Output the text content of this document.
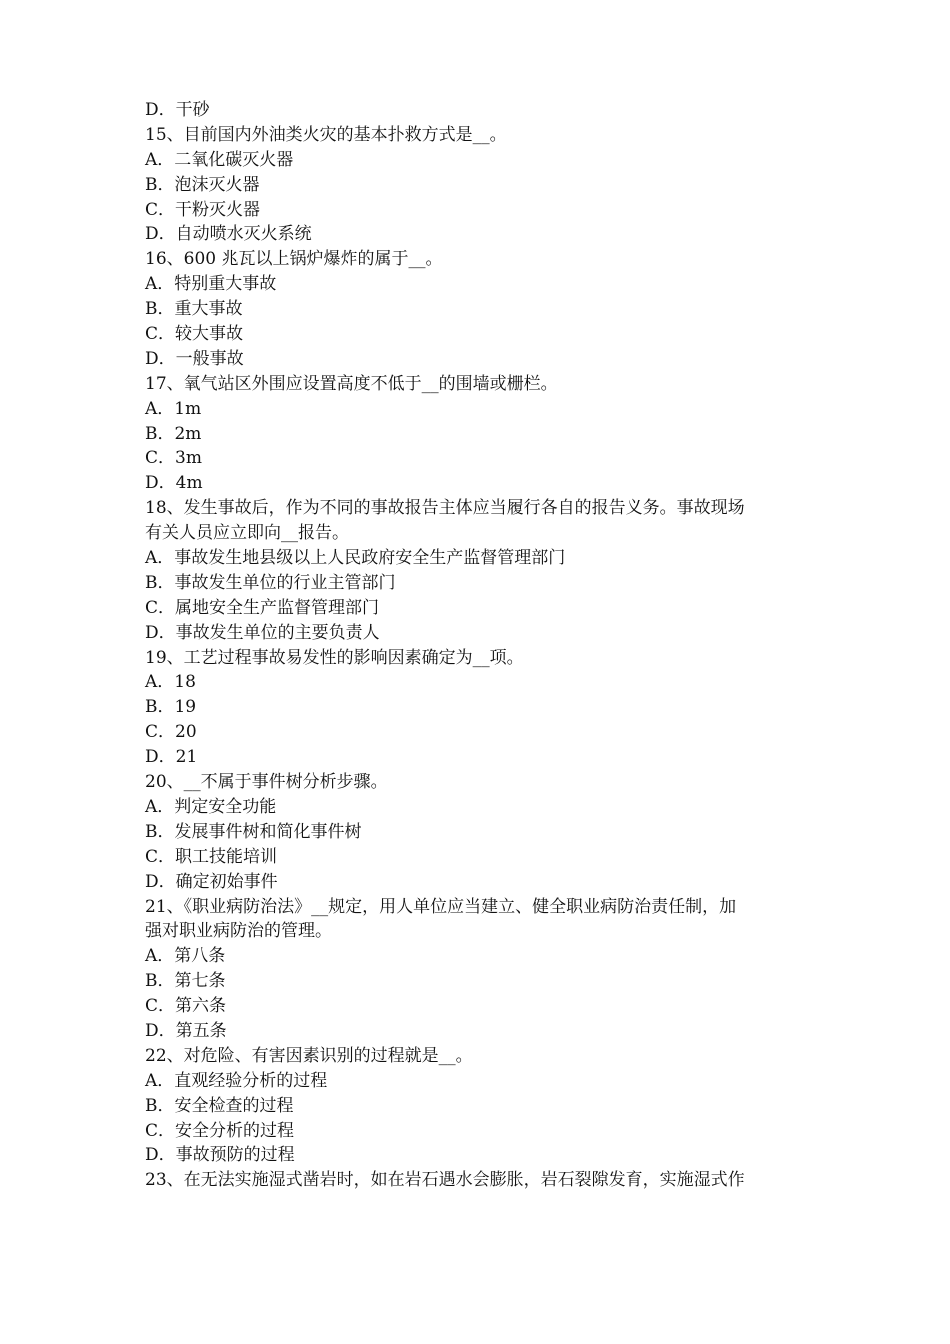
D．干砂
15、目前国内外油类火灾的基本扑救方式是__。
A．二氧化碳灭火器
B．泡沫灭火器
C．干粉灭火器
D．自动喷水灭火系统
16、600 兆瓦以上锅炉爆炸的属于__。
A．特别重大事故
B．重大事故
C．较大事故
D．一般事故
17、氧气站区外围应设置高度不低于__的围墙或栅栏。
A．1m
B．2m
C．3m
D．4m
18、发生事故后，作为不同的事故报告主体应当履行各自的报告义务。事故现场
有关人员应立即向__报告。
A．事故发生地县级以上人民政府安全生产监督管理部门
B．事故发生单位的行业主管部门
C．属地安全生产监督管理部门
D．事故发生单位的主要负责人
19、工艺过程事故易发性的影响因素确定为__项。
A．18
B．19
C．20
D．21
20、__不属于事件树分析步骤。
A．判定安全功能
B．发展事件树和简化事件树
C．职工技能培训
D．确定初始事件
21、《职业病防治法》__规定，用人单位应当建立、健全职业病防治责任制，加
强对职业病防治的管理。
A．第八条
B．第七条
C．第六条
D．第五条
22、对危险、有害因素识别的过程就是__。
A．直观经验分析的过程
B．安全检查的过程
C．安全分析的过程
D．事故预防的过程
23、在无法实施湿式凿岩时，如在岩石遇水会膨胀，岩石裂隙发育，实施湿式作
